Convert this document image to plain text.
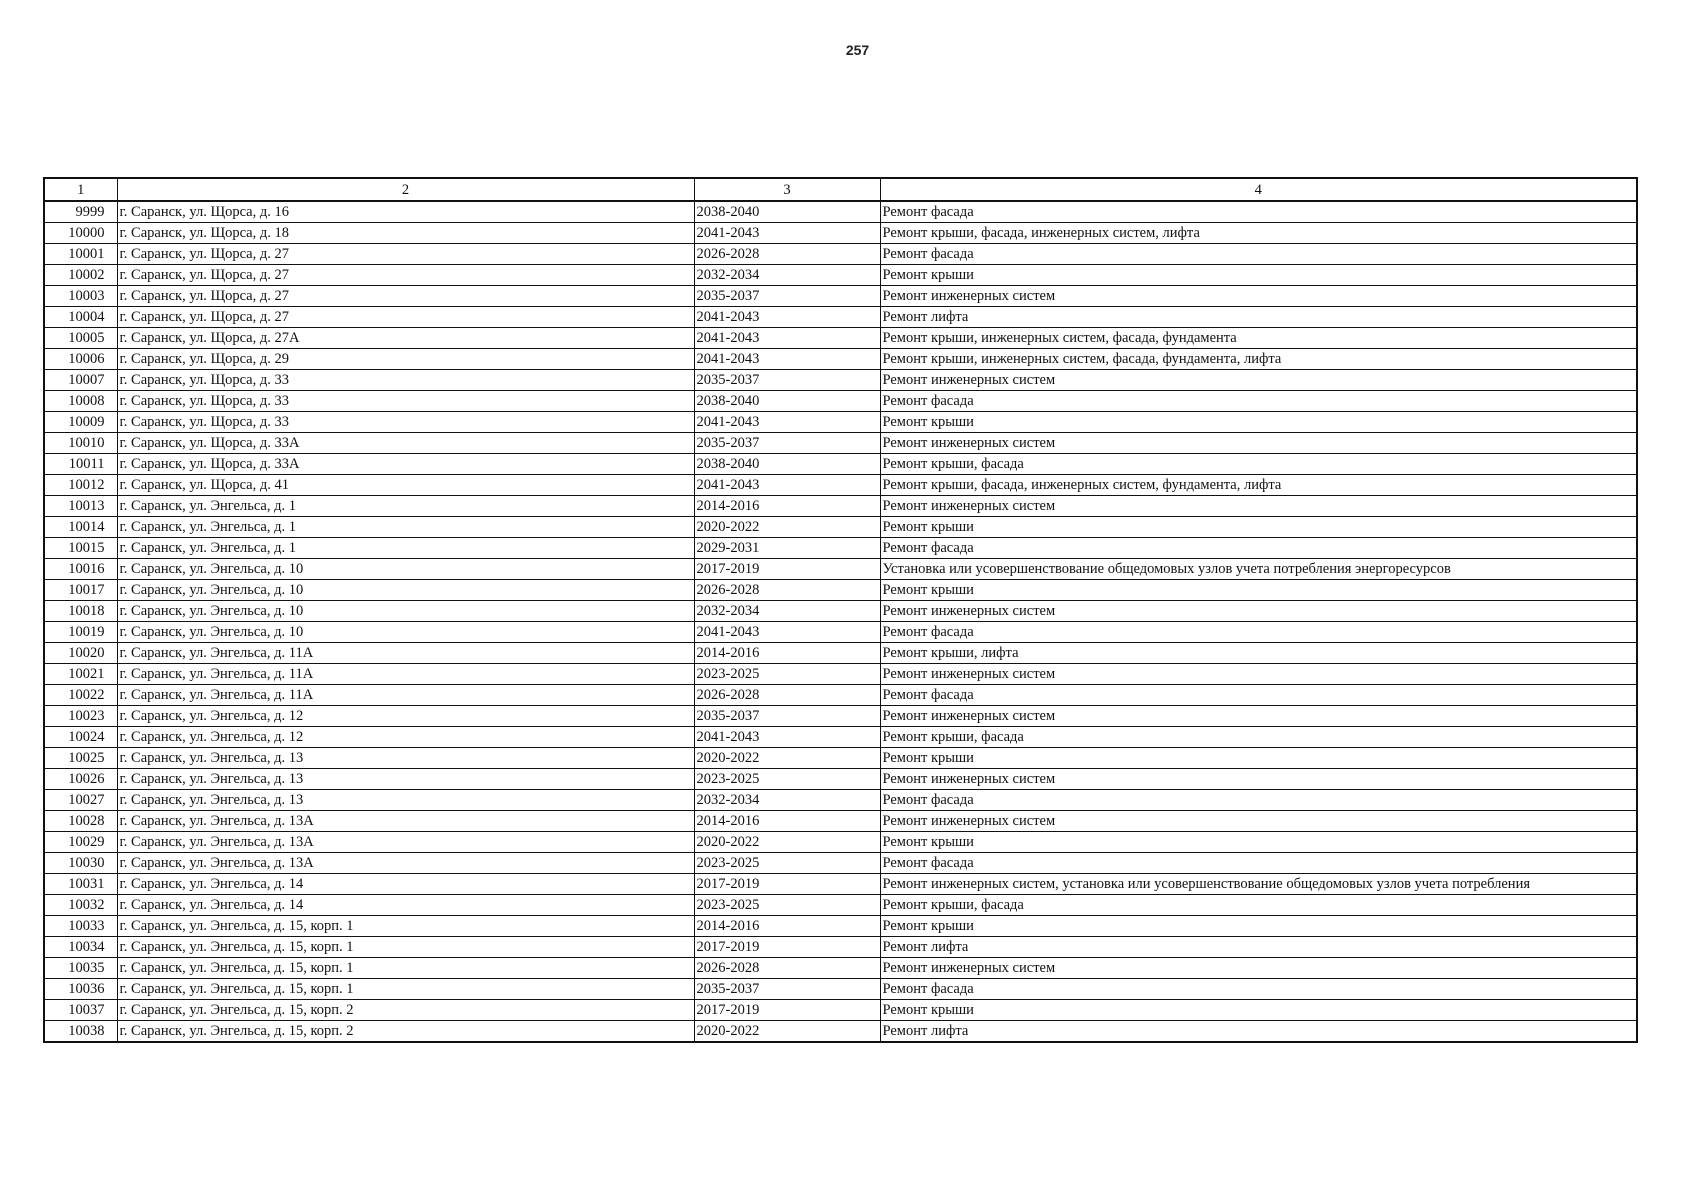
257
1	2	3	4
9999	г. Саранск, ул. Щорса, д. 16	2038-2040	Ремонт фасада
10000	г. Саранск, ул. Щорса, д. 18	2041-2043	Ремонт крыши, фасада, инженерных систем, лифта
10001	г. Саранск, ул. Щорса, д. 27	2026-2028	Ремонт фасада
10002	г. Саранск, ул. Щорса, д. 27	2032-2034	Ремонт крыши
10003	г. Саранск, ул. Щорса, д. 27	2035-2037	Ремонт инженерных систем
10004	г. Саранск, ул. Щорса, д. 27	2041-2043	Ремонт лифта
10005	г. Саранск, ул. Щорса, д. 27А	2041-2043	Ремонт крыши, инженерных систем, фасада, фундамента
10006	г. Саранск, ул. Щорса, д. 29	2041-2043	Ремонт крыши, инженерных систем, фасада, фундамента, лифта
10007	г. Саранск, ул. Щорса, д. 33	2035-2037	Ремонт инженерных систем
10008	г. Саранск, ул. Щорса, д. 33	2038-2040	Ремонт фасада
10009	г. Саранск, ул. Щорса, д. 33	2041-2043	Ремонт крыши
10010	г. Саранск, ул. Щорса, д. 33А	2035-2037	Ремонт инженерных систем
10011	г. Саранск, ул. Щорса, д. 33А	2038-2040	Ремонт крыши, фасада
10012	г. Саранск, ул. Щорса, д. 41	2041-2043	Ремонт крыши, фасада, инженерных систем, фундамента, лифта
10013	г. Саранск, ул. Энгельса, д. 1	2014-2016	Ремонт инженерных систем
10014	г. Саранск, ул. Энгельса, д. 1	2020-2022	Ремонт крыши
10015	г. Саранск, ул. Энгельса, д. 1	2029-2031	Ремонт фасада
10016	г. Саранск, ул. Энгельса, д. 10	2017-2019	Установка или усовершенствование общедомовых узлов учета потребления энергоресурсов
10017	г. Саранск, ул. Энгельса, д. 10	2026-2028	Ремонт крыши
10018	г. Саранск, ул. Энгельса, д. 10	2032-2034	Ремонт инженерных систем
10019	г. Саранск, ул. Энгельса, д. 10	2041-2043	Ремонт фасада
10020	г. Саранск, ул. Энгельса, д. 11А	2014-2016	Ремонт крыши, лифта
10021	г. Саранск, ул. Энгельса, д. 11А	2023-2025	Ремонт инженерных систем
10022	г. Саранск, ул. Энгельса, д. 11А	2026-2028	Ремонт фасада
10023	г. Саранск, ул. Энгельса, д. 12	2035-2037	Ремонт инженерных систем
10024	г. Саранск, ул. Энгельса, д. 12	2041-2043	Ремонт крыши, фасада
10025	г. Саранск, ул. Энгельса, д. 13	2020-2022	Ремонт крыши
10026	г. Саранск, ул. Энгельса, д. 13	2023-2025	Ремонт инженерных систем
10027	г. Саранск, ул. Энгельса, д. 13	2032-2034	Ремонт фасада
10028	г. Саранск, ул. Энгельса, д. 13А	2014-2016	Ремонт инженерных систем
10029	г. Саранск, ул. Энгельса, д. 13А	2020-2022	Ремонт крыши
10030	г. Саранск, ул. Энгельса, д. 13А	2023-2025	Ремонт фасада
10031	г. Саранск, ул. Энгельса, д. 14	2017-2019	Ремонт инженерных систем, установка или усовершенствование общедомовых узлов учета потребления
10032	г. Саранск, ул. Энгельса, д. 14	2023-2025	Ремонт крыши, фасада
10033	г. Саранск, ул. Энгельса, д. 15, корп. 1	2014-2016	Ремонт крыши
10034	г. Саранск, ул. Энгельса, д. 15, корп. 1	2017-2019	Ремонт лифта
10035	г. Саранск, ул. Энгельса, д. 15, корп. 1	2026-2028	Ремонт инженерных систем
10036	г. Саранск, ул. Энгельса, д. 15, корп. 1	2035-2037	Ремонт фасада
10037	г. Саранск, ул. Энгельса, д. 15, корп. 2	2017-2019	Ремонт крыши
10038	г. Саранск, ул. Энгельса, д. 15, корп. 2	2020-2022	Ремонт лифта
